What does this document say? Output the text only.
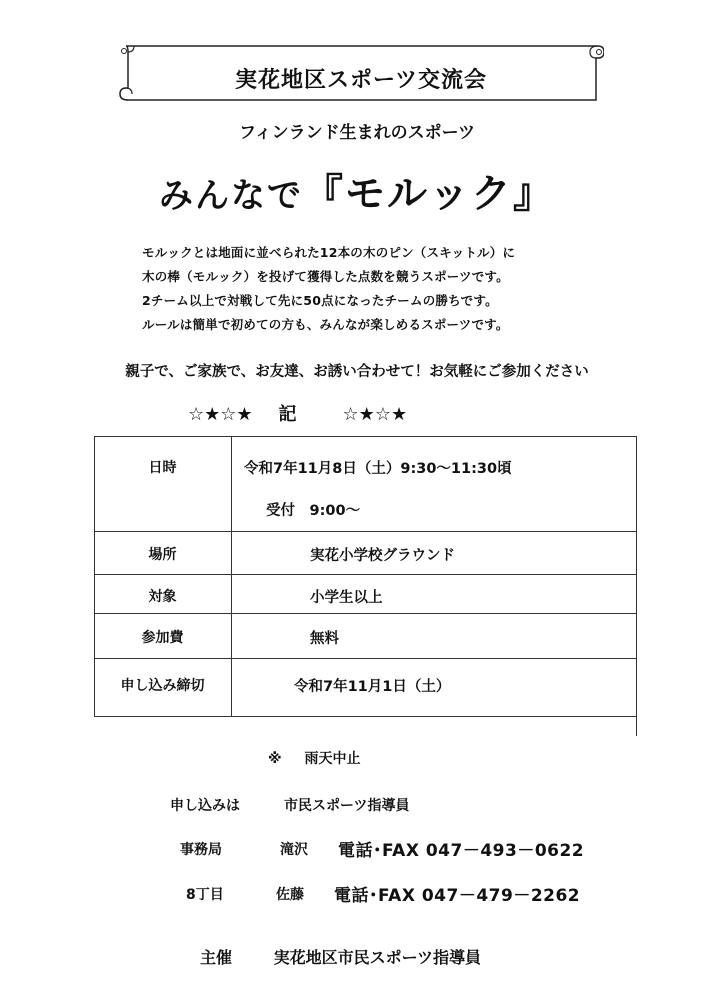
実花地区スポーツ交流会
フィンランド生まれのスポーツ
みんなで『モルック』
モルックとは地面に並べられた12本の木のピン（スキットル）に
木の棒（モルック）を投げて獲得した点数を競うスポーツです。
2チーム以上で対戦して先に50点になったチームの勝ちです。
ルールは簡単で初めての方も、みんなが楽しめるスポーツです。
親子で、ご家族で、お友達、お誘い合わせて！お気軽にご参加ください
☆★☆★ 記	☆★☆★
日時	令和7年11月8日（土）9:30～11:30頃
受付　9:00～
場所	実花小学校グラウンド
対象	小学生以上
参加費	無料
申し込み締切	令和7年11月1日（土）
※ 雨天中止
申し込みは	市民スポーツ指導員
事務局	滝沢 電話･FAX 047－493－0622
8丁目	佐藤 電話･FAX 047－479－2262
主催	実花地区市民スポーツ指導員
